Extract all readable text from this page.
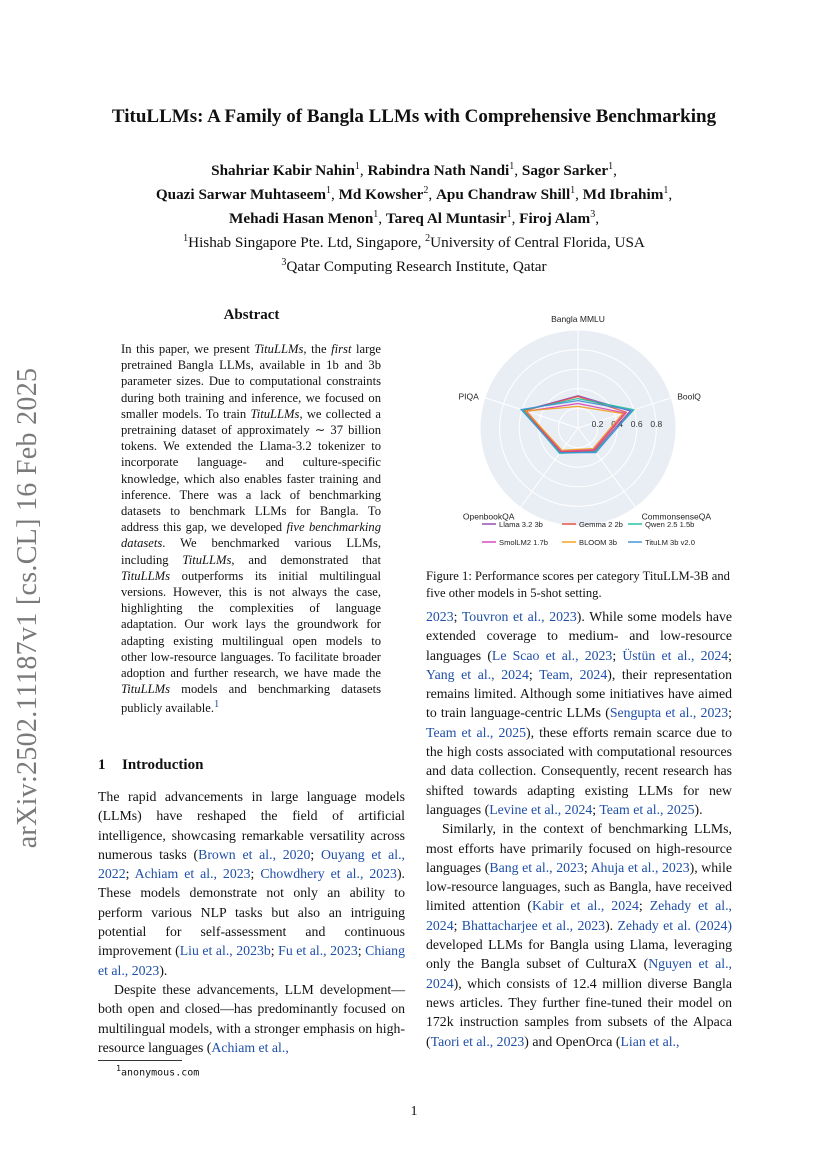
arXiv:2502.11187v1 [cs.CL] 16 Feb 2025
TituLLMs: A Family of Bangla LLMs with Comprehensive Benchmarking
Shahriar Kabir Nahin$^1$, Rabindra Nath Nandi$^1$, Sagor Sarker$^1$,
Quazi Sarwar Muhtaseem$^1$, Md Kowsher$^2$, Apu Chandraw Shill$^1$, Md Ibrahim$^1$,
Mehadi Hasan Menon$^1$, Tareq Al Muntasir$^1$, Firoj Alam$^3$,
$^1$Hishab Singapore Pte. Ltd, Singapore, $^2$University of Central Florida, USA
$^3$Qatar Computing Research Institute, Qatar
Abstract
In this paper, we present TituLLMs, the first large pretrained Bangla LLMs, available in 1b and 3b parameter sizes. Due to computational constraints during both training and inference, we focused on smaller models. To train TituLLMs, we collected a pretraining dataset of approximately ∼ 37 billion tokens. We extended the Llama-3.2 tokenizer to incorporate language- and culture-specific knowledge, which also enables faster training and inference. There was a lack of benchmarking datasets to benchmark LLMs for Bangla. To address this gap, we developed five benchmarking datasets. We benchmarked various LLMs, including TituLLMs, and demonstrated that TituLLMs outperforms its initial multilingual versions. However, this is not always the case, highlighting the complexities of language adaptation. Our work lays the groundwork for adapting existing multilingual open models to other low-resource languages. To facilitate broader adoption and further research, we have made the TituLLMs models and benchmarking datasets publicly available.$^1$
1 Introduction

The rapid advancements in large language models (LLMs) have reshaped the field of artificial intelligence, showcasing remarkable versatility across numerous tasks (Brown et al., 2020; Ouyang et al., 2022; Achiam et al., 2023; Chowdhery et al., 2023). These models demonstrate not only an ability to perform various NLP tasks but also an intriguing potential for self-assessment and continuous improvement (Liu et al., 2023b; Fu et al., 2023; Chiang et al., 2023).

Despite these advancements, LLM development—both open and closed—has predominantly focused on multilingual models, with a stronger emphasis on high-resource languages (Achiam et al.,

$^1$anonymous.com
0.2 0.4 0.6 0.8
Bangla MMLU
BoolQ
CommonsenseQA
OpenbookQA
PIQA
Llama 3.2 3b	Gemma 2 2b	Qwen 2.5 1.5b
SmolLM2 1.7b	BLOOM 3b	TituLM 3b v2.0
Figure 1: Performance scores per category TituLLM-3B and five other models in 5-shot setting.

2023; Touvron et al., 2023). While some models have extended coverage to medium- and low-resource languages (Le Scao et al., 2023; Üstün et al., 2024; Yang et al., 2024; Team, 2024), their representation remains limited. Although some initiatives have aimed to train language-centric LLMs (Sengupta et al., 2023; Team et al., 2025), these efforts remain scarce due to the high costs associated with computational resources and data collection. Consequently, recent research has shifted towards adapting existing LLMs for new languages (Levine et al., 2024; Team et al., 2025).

Similarly, in the context of benchmarking LLMs, most efforts have primarily focused on high-resource languages (Bang et al., 2023; Ahuja et al., 2023), while low-resource languages, such as Bangla, have received limited attention (Kabir et al., 2024; Zehady et al., 2024; Bhattacharjee et al., 2023). Zehady et al. (2024) developed LLMs for Bangla using Llama, leveraging only the Bangla subset of CulturaX (Nguyen et al., 2024), which consists of 12.4 million diverse Bangla news articles. They further fine-tuned their model on 172k instruction samples from subsets of the Alpaca (Taori et al., 2023) and OpenOrca (Lian et al.,

1
